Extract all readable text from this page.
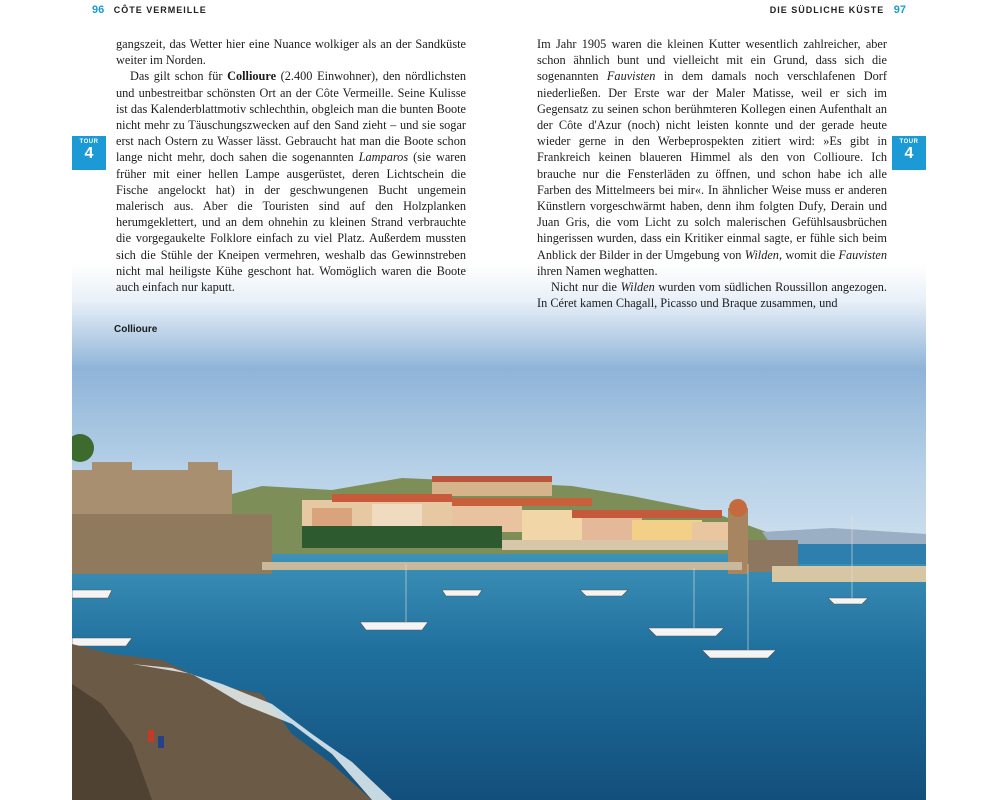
96 CÔTE VERMEILLE	DIE SÜDLICHE KÜSTE 97
TOUR
4
TOUR
4

gangszeit, das Wetter hier eine Nuance wolkiger als an der Sandküste weiter im Norden.

Das gilt schon für Collioure (2.400 Einwohner), den nördlichsten und unbestreitbar schönsten Ort an der Côte Vermeille. Seine Kulisse ist das Kalenderblattmotiv schlechthin, obgleich man die bunten Boote nicht mehr zu Täuschungszwecken auf den Sand zieht – und sie sogar erst nach Ostern zu Wasser lässt. Gebraucht hat man die Boote schon lange nicht mehr, doch sahen die sogenannten Lamparos (sie waren früher mit einer hellen Lampe ausgerüstet, deren Lichtschein die Fische angelockt hat) in der geschwungenen Bucht ungemein malerisch aus. Aber die Touristen sind auf den Holzplanken herumgeklettert, und an dem ohnehin zu kleinen Strand verbrauchte die vorgegaukelte Folklore einfach zu viel Platz. Außerdem mussten sich die Stühle der Kneipen vermehren, weshalb das Gewinnstreben nicht mal heiligste Kühe geschont hat. Womöglich waren die Boote auch einfach nur kaputt.

Im Jahr 1905 waren die kleinen Kutter wesentlich zahlreicher, aber schon ähnlich bunt und vielleicht mit ein Grund, dass sich die sogenannten Fauvisten in dem damals noch verschlafenen Dorf niederließen. Der Erste war der Maler Matisse, weil er sich im Gegensatz zu seinen schon berühmteren Kollegen einen Aufenthalt an der Côte d'Azur (noch) nicht leisten konnte und der gerade heute wieder gerne in den Werbeprospekten zitiert wird: »Es gibt in Frankreich keinen blaueren Himmel als den von Collioure. Ich brauche nur die Fensterläden zu öffnen, und schon habe ich alle Farben des Mittelmeers bei mir«. In ähnlicher Weise muss er anderen Künstlern vorgeschwärmt haben, denn ihm folgten Dufy, Derain und Juan Gris, die vom Licht zu solch malerischen Gefühlsausbrüchen hingerissen wurden, dass ein Kritiker einmal sagte, er fühle sich beim Anblick der Bilder in der Umgebung von Wilden, womit die Fauvisten ihren Namen weghatten.

Nicht nur die Wilden wurden vom südlichen Roussillon angezogen. In Céret kamen Chagall, Picasso und Braque zusammen, und

Collioure
